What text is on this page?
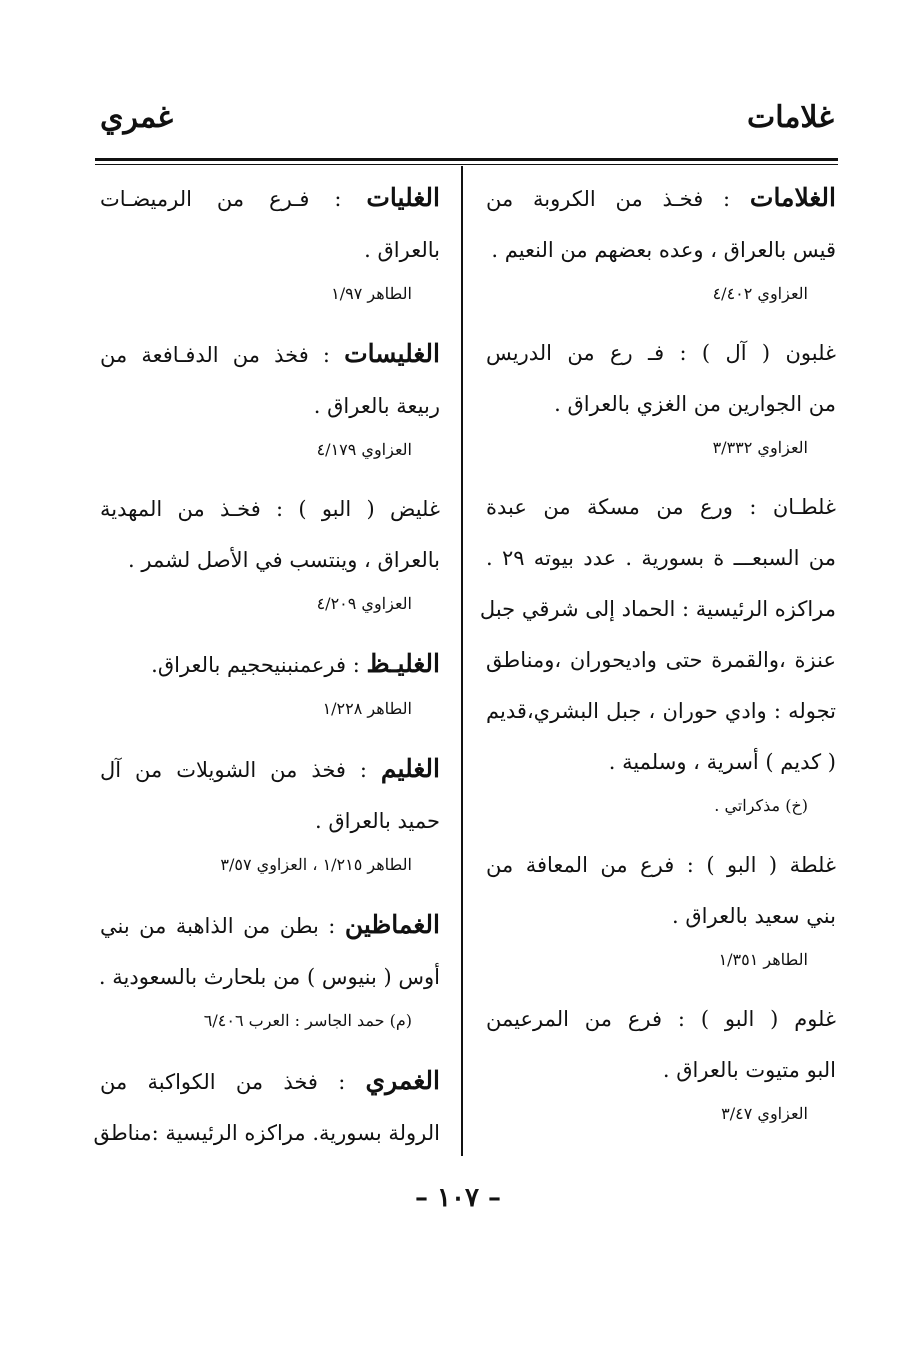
غلامات
غمري
الغلامات : فخـذ من الكروبة من
قيس بالعراق ، وعده بعضهم من النعيم .
العزاوي ٤/٤٠٢
غلبون ( آل ) : فـ رع من الدريس
من الجوارين من الغزي بالعراق .
العزاوي ٣/٣٣٢
غلطـان : ورع من مسكة من عبدة
من السبعـــ ة بسورية . عدد بيوته ٢٩ .
مراكزه الرئيسية : الحماد إلى شرقي جبل
عنزة ،والقمرة حتى واديحوران ،ومناطق
تجوله : وادي حوران ، جبل البشري،قديم
( كديم ) أسرية ، وسلمية .
(خ) مذكراتي .
غلطة ( البو ) : فرع من المعافة من
بني سعيد بالعراق .
الطاهر ١/٣٥١
غلوم ( البو ) : فرع من المرعيمن
البو متيوت بالعراق .
العزاوي ٣/٤٧
الغليات : فـرع من الرميضـات
بالعراق .
الطاهر ١/٩٧
الغليسات : فخذ من الدفـافعة من
ربيعة بالعراق .
العزاوي ٤/١٧٩
غليض ( البو ) : فخـذ من المهدية
بالعراق ، وينتسب في الأصل لشمر .
العزاوي ٤/٢٠٩
الغليـظ : فرعمنبنيحجيم بالعراق.
الطاهر ١/٢٢٨
الغليم : فخذ من الشويلات من آل
حميد بالعراق .
الطاهر ١/٢١٥ ، العزاوي ٣/٥٧
الغماظين : بطن من الذاهبة من بني
أوس ( بنيوس ) من بلحارث بالسعودية .
(م) حمد الجاسر : العرب ٦/٤٠٦
الغمري : فخذ من الكواكبة من
الرولة بسورية. مراكزه الرئيسية :مناطق
– ١٠٧ –
